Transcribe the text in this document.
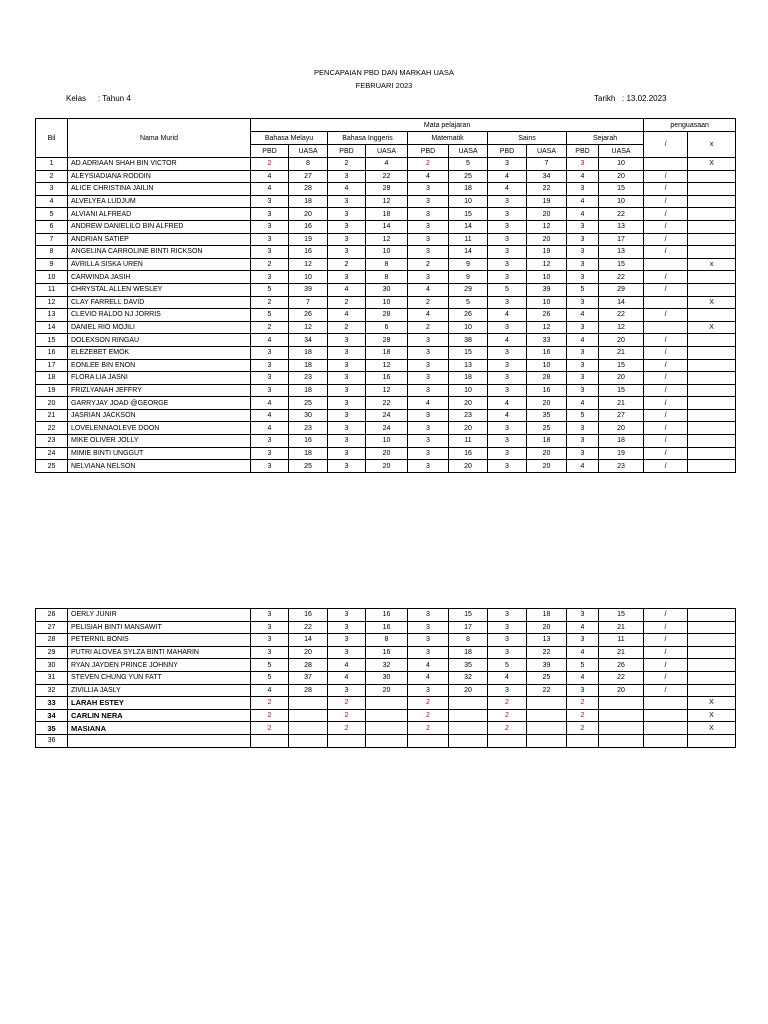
PENCAPAIAN PBD DAN MARKAH UASA
FEBRUARI 2023
Kelas : Tahun 4	Tarikh : 13.02.2023
Bil	Nama Murid	Mata pelajaran										penguasaan	
		Bahasa Melayu		Bahasa Inggeris		Matematik		Sains		Sejarah		/	x
		PBD	UASA	PBD	UASA	PBD	UASA	PBD	UASA	PBD	UASA		
1	AD ADRIAAN SHAH BIN VICTOR	2	8	2	4	2	5	3	7	3	10		X
2	ALEYSIADIANA RODDIN	4	27	3	22	4	25	4	34	4	20	/	
3	ALICE CHRISTINA JAILIN	4	28	4	28	3	18	4	22	3	15	/	
4	ALVELYEA LUDJUM	3	18	3	12	3	10	3	19	4	10	/	
5	ALVIANI ALFREAD	3	20	3	18	3	15	3	20	4	22	/	
6	ANDREW DANIELILO BIN ALFRED	3	16	3	14	3	14	3	12	3	13	/	
7	ANDRIAN SATIEP	3	19	3	12	3	11	3	20	3	17	/	
8	ANGELINA CARROLINE BINTI RICKSON	3	16	3	10	3	14	3	19	3	13	/	
9	AVRILLA SISKA UREN	2	12	2	8	2	9	3	12	3	15		x
10	CARWINDA JASIH	3	10	3	8	3	9	3	10	3	22	/	
11	CHRYSTAL ALLEN WESLEY	5	39	4	30	4	29	5	39	5	29	/	
12	CLAY FARRELL DAVID	2	7	2	10	2	5	3	10	3	14		X
13	CLEVIO RALDO NJ JORRIS	5	26	4	28	4	26	4	26	4	22	/	
14	DANIEL RIO MOJILI	2	12	2	6	2	10	3	12	3	12		X
15	DOLEXSON RINGAU	4	34	3	28	3	38	4	33	4	20	/	
16	ELEZEBET EMOK	3	18	3	18	3	15	3	16	3	21	/	
17	EONLEE BIN ENON	3	18	3	12	3	13	3	10	3	15	/	
18	FLORA LIA JASNI	3	23	3	16	3	18	3	28	3	20	/	
19	FRIZLYANAH JEFFRY	3	18	3	12	3	10	3	16	3	15	/	
20	GARRYJAY JOAD @GEORGE	4	25	3	22	4	20	4	20	4	21	/	
21	JASRIAN JACKSON	4	30	3	24	3	23	4	35	5	27	/	
22	LOVELENNAOLEVE DOON	4	23	3	24	3	20	3	25	3	20	/	
23	MIKE OLIVER JOLLY	3	16	3	10	3	11	3	18	3	18	/	
24	MIMIE BINTI UNGGUT	3	18	3	20	3	16	3	20	3	19	/	
25	NELVIANA NELSON	3	25	3	20	3	20	3	20	4	23	/	
26	OERLY JUNIR	3	16	3	16	3	15	3	18	3	15	/	
27	PELISIAH BINTI MANSAWIT	3	22	3	16	3	17	3	20	4	21	/	
28	PETERNIL BONIS	3	14	3	8	3	8	3	13	3	11	/	
29	PUTRI ALOVEA SYLZA BINTI MAHARIN	3	20	3	16	3	18	3	22	4	21	/	
30	RYAN JAYDEN PRINCE JOHNNY	5	28	4	32	4	35	5	39	5	26	/	
31	STEVEN CHUNG YUN FATT	5	37	4	30	4	32	4	25	4	22	/	
32	ZIVILLIA JASLY	4	28	3	20	3	20	3	22	3	20	/	
33	LARAH ESTEY	2		2		2		2		2			X
34	CARLIN NERA	2		2		2		2		2			X
35	MASIANA	2		2		2		2		2			X
36													
